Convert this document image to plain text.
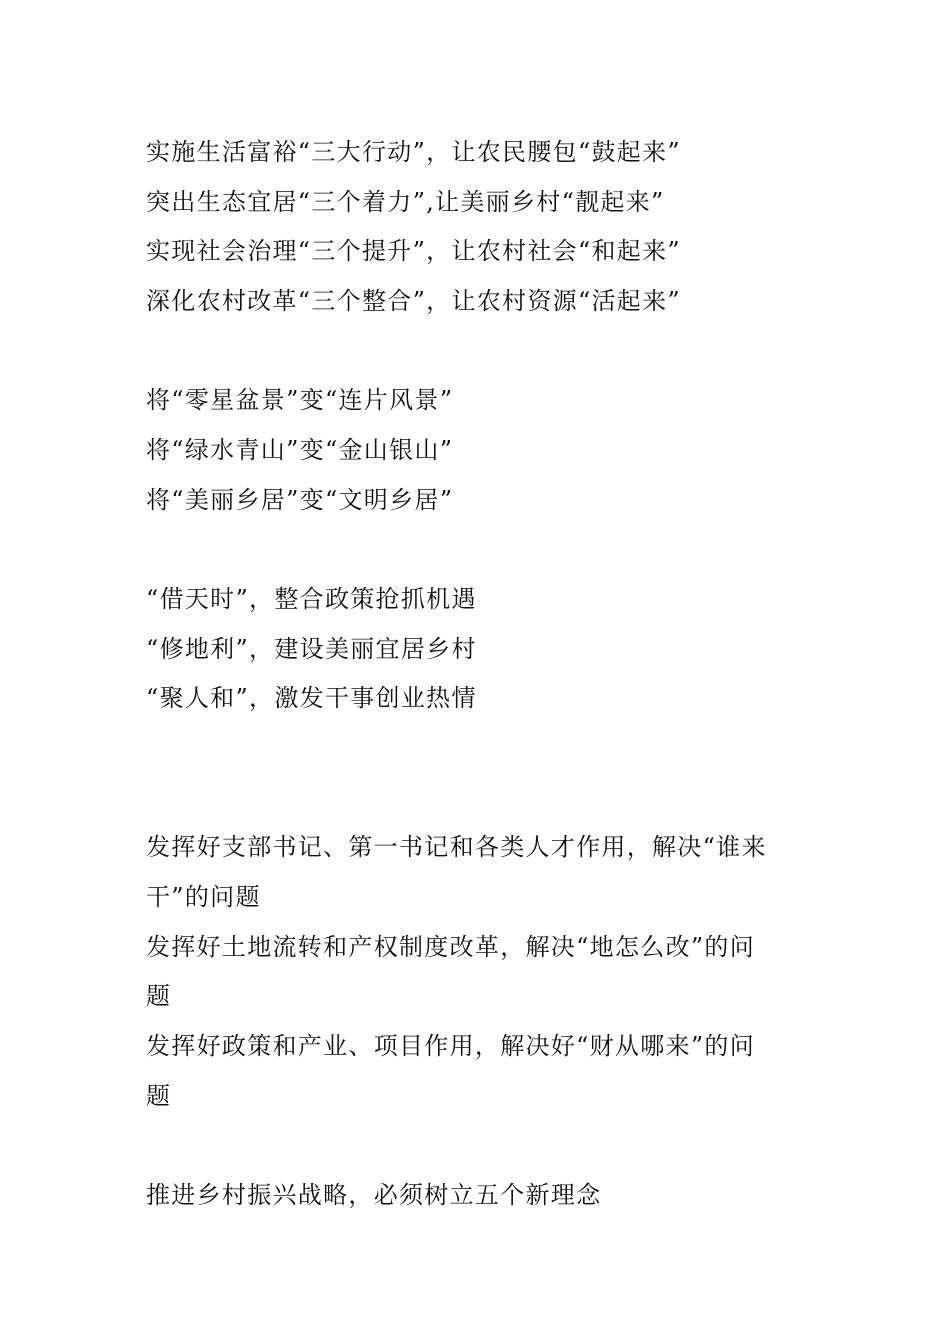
实施生活富裕“三大行动”，让农民腰包“鼓起来”
突出生态宜居“三个着力”,让美丽乡村“靓起来”
实现社会治理“三个提升”，让农村社会“和起来”
深化农村改革“三个整合”，让农村资源“活起来”
将“零星盆景”变“连片风景”
将“绿水青山”变“金山银山”
将“美丽乡居”变“文明乡居”
“借天时”，整合政策抢抓机遇
“修地利”，建设美丽宜居乡村
“聚人和”，激发干事创业热情
发挥好支部书记、第一书记和各类人才作用，解决“谁来
干”的问题
发挥好土地流转和产权制度改革，解决“地怎么改”的问
题
发挥好政策和产业、项目作用，解决好“财从哪来”的问
题
推进乡村振兴战略，必须树立五个新理念
